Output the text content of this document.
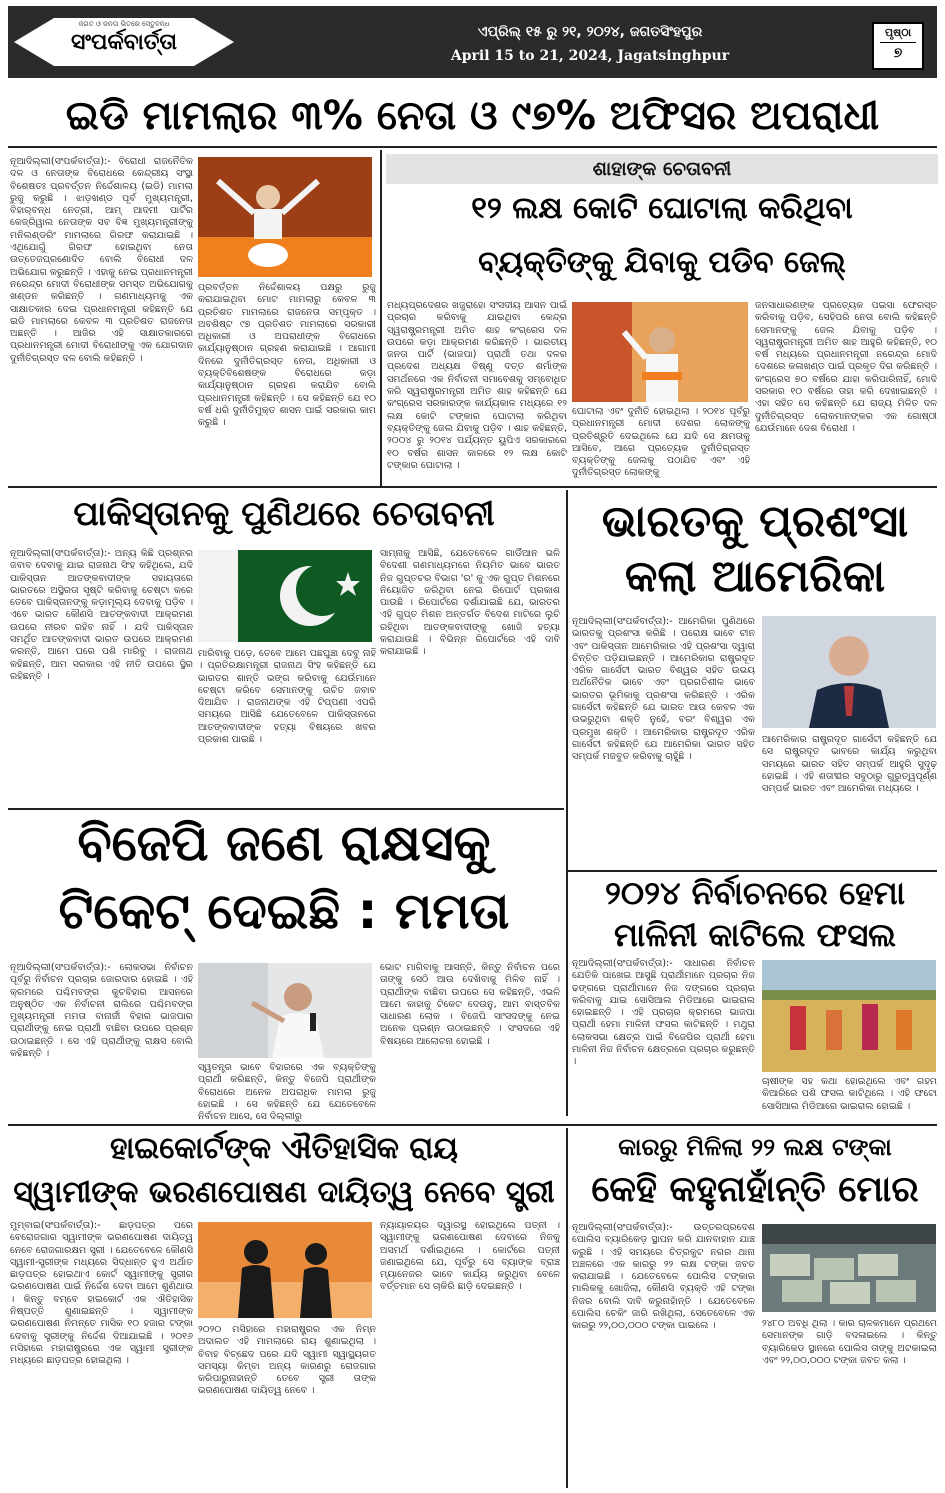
ଜଗତ ଓ ଜନତା ଭିତରେ ସେତୁବନ୍ଧ
ସଂପର୍କବାର୍ତ୍ତା	ଏପ୍ରିଲ୍ ୧୫ ରୁ ୨୧, ୨୦୨୪, ଜଗତସିଂହପୁର
April 15 to 21, 2024, Jagatsinghpur
ପୃଷ୍ଠା
୭
ଇଡି ମାମଲାର ୩% ନେତା ଓ ୯୭% ଅଫିସର ଅପରାଧୀ
ନୂଆଦିଲ୍ଲୀ(ସଂପର୍କବାର୍ତ୍ତା):- ବିରୋଧୀ ରାଜନୈତିକ ଦଳ ଓ ନେତାଙ୍କ ବିରୋଧରେ କେନ୍ଦ୍ରୀୟ ସଂସ୍ଥା ବିଶେଷତଃ ପ୍ରବର୍ତ୍ତନ ନିର୍ଦ୍ଦେଶାଳୟ (ଇଡି) ମାମଲା ରୁଜୁ କରୁଛି । ଝାଡ଼ଖଣ୍ଡ ପୂର୍ବ ମୁଖ୍ୟମନ୍ତ୍ରୀ, ବିହାର୍‌ବନ୍ଧ ନେତ୍ରୀ, ଆମ୍ ଆଦମୀ ପାର୍ଟିର କେଜ୍ରିୱାଲ ନେତାଙ୍କ ସବ ବିଜ୍ଞ ମୁଖ୍ୟମନ୍ତ୍ରୀଙ୍କୁ ମନିଲଣ୍ଡରିଂ ମାମଲାରେ ଗିରଫ କରାଯାଇଛି । ଏଥିଯୋଗୁଁ ଗିରଫ ହୋଇଥିବା ନେତା ଉତ୍ତେଜପ୍ରଣୋଦିତ ବୋଲି ବିରୋଧୀ ଦଳ ଅଭିଯୋଗ କରୁଛନ୍ତି । ଏହାକୁ ନେଇ ପ୍ରଧାନମନ୍ତ୍ରୀ ନରେନ୍ଦ୍ର ମୋଦୀ ବିରୋଧୀଙ୍କ ସମସ୍ତ ଅଭିଯୋଗକୁ ଖଣ୍ଡନ କରିଛନ୍ତି । ଗଣମାଧ୍ୟମକୁ ଏକ ସାକ୍ଷାତକାର ଦେଇ ପ୍ରଧାନମନ୍ତ୍ରୀ କହିଛନ୍ତି ଯେ ଇଡି ମାମଲାରେ କେବଳ ୩ ପ୍ରତିଶତ ରାଜନେତା ଅଛନ୍ତି । ଆଜିର ଏହି ସାକ୍ଷାତକାରରେ ପ୍ରଧାନମନ୍ତ୍ରୀ ମୋଦୀ ବିରୋଧୀଙ୍କୁ ଏକ ଯୋଗଦାନ ଦୁର୍ନୀତିଗ୍ରସ୍ତ ଦଳ ବୋଲି କହିଛନ୍ତି ।
ପ୍ରବର୍ତ୍ତନ ନିର୍ଦ୍ଦେଶାଳୟ ପକ୍ଷରୁ ରୁଜୁ କରାଯାଇଥିବା ମୋଟ ମାମଲାରୁ କେବଳ ୩ ପ୍ରତିଶତ ମାମଲାରେ ରାଜନେତା ସମ୍ପୃକ୍ତ । ଅବଶିଷ୍ଟ ୯୭ ପ୍ରତିଶତ ମାମଲାରେ ସରକାରୀ ଅଧିକାରୀ ଓ ଅପରାଧୀଙ୍କ ବିରୋଧରେ କାର୍ଯ୍ୟାନୁଷ୍ଠାନ ଗ୍ରହଣ କରାଯାଇଛି । ଆଗାମୀ ଦିନରେ ଦୁର୍ନୀତିଗ୍ରସ୍ତ ନେତା, ଅଧିକାରୀ ଓ ବ୍ୟକ୍ତିବିଶେଷଙ୍କ ବିରୋଧରେ କଡ଼ା କାର୍ଯ୍ୟାନୁଷ୍ଠାନ ଗ୍ରହଣ କରାଯିବ ବୋଲି ପ୍ରଧାନମନ୍ତ୍ରୀ କହିଛନ୍ତି । ସେ କହିଛନ୍ତି ଯେ ୧୦ ବର୍ଷ ଧରି ଦୁର୍ନୀତିମୁକ୍ତ ଶାସନ ପାଇଁ ସରକାର କାମ କରୁଛି ।
ଶାହାଙ୍କ ଚେତାବନୀ
୧୨ ଲକ୍ଷ କୋଟି ଘୋଟାଲା କରିଥିବା
ବ୍ୟକ୍ତିଙ୍କୁ ଯିବାକୁ ପଡିବ ଜେଲ୍
ମଧ୍ୟପ୍ରଦେଶର ଖଜୁରାହୋ ସଂସଦୀୟ ଆସନ ପାଇଁ ପ୍ରଚାର କରିବାକୁ ଯାଇଥିବା କେନ୍ଦ୍ର ସ୍ୱରାଷ୍ଟ୍ରମନ୍ତ୍ରୀ ଅମିତ ଶାହ କଂଗ୍ରେସ ଦଳ ଉପରେ କଡ଼ା ଆକ୍ରମଣ କରିଛନ୍ତି । ଭାରତୀୟ ଜନତା ପାର୍ଟି (ଭାଜପା) ପ୍ରାର୍ଥୀ ତଥା ଦଳର ପ୍ରଦେଶ ଅଧ୍ୟକ୍ଷ ବିଷ୍ଣୁ ଦତ୍ତ ଶର୍ମାଙ୍କ ସମର୍ଥନରେ ଏକ ନିର୍ବାଚନୀ ସମାବେଶକୁ ସମ୍ବୋଧିତ କରି ସ୍ୱରାଷ୍ଟ୍ରମନ୍ତ୍ରୀ ଅମିତ ଶାହ କହିଛନ୍ତି ଯେ କଂଗ୍ରେସ ସରକାରଙ୍କ କାର୍ଯ୍ୟକାଳ ମଧ୍ୟରେ ୧୨ ଲକ୍ଷ କୋଟି ଟଙ୍କାର ଘୋଟାଲା କରିଥିବା ବ୍ୟକ୍ତିଙ୍କୁ ଜେଲ ଯିବାକୁ ପଡ଼ିବ । ଶାହ କହିଛନ୍ତି, ୨୦୦୪ ରୁ ୨୦୧୪ ପର୍ଯ୍ୟନ୍ତ ୟୁପିଏ ସରକାରରେ ୧୦ ବର୍ଷର ଶାସନ କାଳରେ ୧୨ ଲକ୍ଷ କୋଟି ଟଙ୍କାର ଘୋଟାଲା ।
ଘୋଟାଲା ଏବଂ ଦୁର୍ନୀତି ହୋଇଥିଲା । ୨୦୧୪ ପୂର୍ବରୁ ପ୍ରଧାନମନ୍ତ୍ରୀ ମୋଦୀ ଦେଶର ଲୋକଙ୍କୁ ପ୍ରତିଶ୍ରୁତି ଦେଇଥିଲେ ଯେ ଯଦି ସେ କ୍ଷମତାକୁ ଆସିବେ, ଆଗେ ପ୍ରତ୍ୟେକ ଦୁର୍ନୀତିଗ୍ରସ୍ତ ବ୍ୟକ୍ତିଙ୍କୁ ଜେଲକୁ ପଠାଯିବ ଏବଂ ଏହି ଦୁର୍ନୀତିଗ୍ରସ୍ତ ଲୋକଙ୍କୁ
ଜନସାଧାରଣଙ୍କ ପ୍ରତ୍ୟେକ ପଇସା ଫେରସ୍ତ କରିବାକୁ ପଡ଼ିବ, ସେହିପରି ନେତା ବୋଲି କହିଛନ୍ତି ସେମାନଙ୍କୁ ଜେଲ ଯିବାକୁ ପଡ଼ିବ । ସ୍ୱରାଷ୍ଟ୍ରମନ୍ତ୍ରୀ ଅମିତ ଶାହ ଆହୁରି କହିଛନ୍ତି, ୧୦ ବର୍ଷ ମଧ୍ୟରେ ପ୍ରଧାନମନ୍ତ୍ରୀ ନରେନ୍ଦ୍ର ମୋଦି ଦେଶରେ କଳାଖଣ୍ଡ ପାଇଁ ପ୍ରକୃତ ଦିଗ କରିଛନ୍ତି । କଂଗ୍ରେସ ୭୦ ବର୍ଷରେ ଯାହା କରିପାରିନାହିଁ, ମୋଦି ସରକାର ୧୦ ବର୍ଷରେ ତାହା କରି ଦେଖାଇଛନ୍ତି । ଏହା ସହିତ ସେ କହିଛନ୍ତି ଯେ ରାଜ୍ୟ ମିଳିତ ଦଳ ଦୁର୍ନୀତିଗ୍ରସ୍ତ ଲୋକମାନଙ୍କର ଏକ ଗୋଷ୍ଠୀ ଯେଉଁମାନେ ଦେଶ ବିରୋଧୀ ।
ପାକିସ୍ତାନକୁ ପୁଣିଥରେ ଚେତାବନୀ
ନୂଆଦିଲ୍ଲୀ(ସଂପର୍କବାର୍ତ୍ତା):- ଅନ୍ୟ କିଛି ପ୍ରଶ୍ନର ଜବାବ ଦେବାକୁ ଯାଇ ରାଜନାଥ ସିଂହ କହିଥିଲେ, ଯଦି ପାକିସ୍ତାନ ଆତଙ୍କବାଦୀଙ୍କ ସହାୟତାରେ ଭାରତରେ ଅସ୍ଥିରତା ସୃଷ୍ଟି କରିବାକୁ ଚେଷ୍ଟା କରେ ତେବେ ପାକିସ୍ତାନଙ୍କୁ କଡ଼ାମୂଲ୍ୟ ଦେବାକୁ ପଡ଼ିବ । ଏବେ ଭାରତ କୌଣସି ଆତଙ୍କବାଦୀ ଆକ୍ରମଣ ଉପରେ ନୀରବ ରହିବ ନାହିଁ । ଯଦି ପାକିସ୍ତାନ ସମର୍ଥିତ ଆତଙ୍କବାଦୀ ଭାରତ ଉପରେ ଆକ୍ରମଣ କରନ୍ତି, ଆମେ ଘରେ ପଶି ମାରିବୁ । ରାଜନାଥ କହିଛନ୍ତି, ଆମ ସରକାର ଏହି ନୀତି ଉପରେ ସ୍ଥିର ରହିଛନ୍ତି ।
ମାରିବାକୁ ପଡ଼େ, ତେବେ ଆମେ ପଛଘୁଞ୍ଚା ଦେବୁ ନାହିଁ । ପ୍ରତିରକ୍ଷାମନ୍ତ୍ରୀ ରାଜନାଥ ସିଂହ କହିଛନ୍ତି ଯେ ଭାରତର ଶାନ୍ତି ଭଙ୍ଗ କରିବାକୁ ଯେଉଁମାନେ ଚେଷ୍ଟା କରିବେ ସେମାନଙ୍କୁ ଉଚିତ ଜବାବ ଦିଆଯିବ । ରାଜନାଥଙ୍କ ଏହି ଟିପ୍ପଣୀ ଏପରି ସମୟରେ ଆସିଛି ଯେତେବେଳେ ପାକିସ୍ତାନରେ ଆତଙ୍କବାଦୀଙ୍କ ହତ୍ୟା ବିଷୟରେ ଖବର ପ୍ରକାଶ ପାଇଛି ।
ସାମ୍ନାକୁ ଆସିଛି, ଯେତେବେଳେ ଗାର୍ଡିଆନ ଭଳି ବିଦେଶୀ ଗଣମାଧ୍ୟମରେ ନିୟମିତ ଭାବେ ଭାରତ ନିଜ ଗୁପ୍ତଚର ବିଭାଗ 'ର' କୁ ଏକ ଗୁପ୍ତ ମିଶନରେ ନିୟୋଜିତ କରିଥିବା ନେଇ ରିପୋର୍ଟ ପ୍ରକାଶ ପାଉଛି । ରିପୋର୍ଟରେ ଦର୍ଶାଯାଇଛି ଯେ, ଭାରତର ଏହି ଗୁପ୍ତ ମିଶନ ଅନ୍ତର୍ଗତ ବିଦେଶ ମାଟିରେ ଲୁଚି ରହିଥିବା ଆତଙ୍କବାଦୀଙ୍କୁ ଖୋଜି ହତ୍ୟା କରାଯାଉଛି । ବିଭିନ୍ନ ରିପୋର୍ଟରେ ଏହି ଦାବି କରାଯାଇଛି ।
ଭାରତକୁ ପ୍ରଶଂସା କଲା ଆମେରିକା
ନୂଆଦିଲ୍ଲୀ(ସଂପର୍କବାର୍ତ୍ତା):- ଆମେରିକା ପୁଣିଥରେ ଭାରତକୁ ପ୍ରଶଂସା କରିଛି । ପରୋକ୍ଷ ଭାବେ ଚୀନ ଏବଂ ପାକିସ୍ତାନ ଆମେରିକାର ଏହି ପ୍ରଶଂସା ଦ୍ୱାରା ଚିନ୍ତିତ ପଡ଼ିଯାଇଛନ୍ତି । ଆମେରିକାର ରାଷ୍ଟ୍ରଦୂତ ଏରିକ ଗାର୍ସେଟୀ ଭାରତ ବିଶ୍ୱର ସହିତ ଉଭୟ ଅର୍ଥନୈତିକ ଭାବେ ଏବଂ ପ୍ରଗତିଶୀଳ ଭାବେ ଭାରତର ଭୂମିକାକୁ ପ୍ରଶଂସା କରିଛନ୍ତି । ଏରିକ ଗାର୍ସେଟୀ କହିଛନ୍ତି ଯେ ଭାରତ ଆଉ କେବଳ ଏକ ଉଭରୁଥିବା ଶକ୍ତି ନୁହେଁ, ବରଂ ବିଶ୍ୱର ଏକ ପ୍ରମୁଖ ଶକ୍ତି । ଆମେରିକାର ରାଷ୍ଟ୍ରଦୂତ ଏରିକ ଗାର୍ସେଟୀ କହିଛନ୍ତି ଯେ ଆମେରିକା ଭାରତ ସହିତ ସମ୍ପର୍କ ମଜବୁତ କରିବାକୁ ଚାହୁଁଛି ।
ଆମେରିକାର ରାଷ୍ଟ୍ରଦୂତ ଗାର୍ସେଟୀ କହିଛନ୍ତି ଯେ ସେ ରାଷ୍ଟ୍ରଦୂତ ଭାବରେ କାର୍ଯ୍ୟ କରୁଥିବା ସମୟରେ ଭାରତ ସହିତ ସମ୍ପର୍କ ଆହୁରି ସୁଦୃଢ଼ ହୋଇଛି । ଏହି ଶତାବ୍ଦୀର ସବୁଠାରୁ ଗୁରୁତ୍ୱପୂର୍ଣ୍ଣ ସମ୍ପର୍କ ଭାରତ ଏବଂ ଆମେରିକା ମଧ୍ୟରେ ।
ବିଜେପି ଜଣେ ରାକ୍ଷସକୁ
ଟିକେଟ୍ ଦେଇଛି : ମମତା
ନୂଆଦିଲ୍ଲୀ(ସଂପର୍କବାର୍ତ୍ତା):- ଲୋକସଭା ନିର୍ବାଚନ ପୂର୍ବରୁ ନିର୍ବାଚନ ପ୍ରଚାର ଜୋରଦାର ହୋଇଛି । ଏହି କ୍ରମରେ ପଶ୍ଚିମବଙ୍ଗ କୁଚବିହାର ଆସନରେ ଅନୁଷ୍ଠିତ ଏକ ନିର୍ବାଚନୀ ରାଲିରେ ପଶ୍ଚିମବଙ୍ଗ ମୁଖ୍ୟମନ୍ତ୍ରୀ ମମତା ବାନାର୍ଜୀ ବିହାର ଭାଜପାର ପ୍ରାର୍ଥୀଙ୍କୁ ନେଇ ପ୍ରାର୍ଥୀ ବାଛିବା ଉପରେ ପ୍ରଶ୍ନ ଉଠାଇଛନ୍ତି । ସେ ଏହି ପ୍ରାର୍ଥୀଙ୍କୁ ରାକ୍ଷସ ବୋଲି କହିଛନ୍ତି ।
ସ୍ୱତନ୍ତ୍ର ଭାବେ ବିହାରରେ ଏକ ବ୍ୟକ୍ତିଙ୍କୁ ପ୍ରାର୍ଥୀ କରିଛନ୍ତି, କିନ୍ତୁ ବିଜେପି ପ୍ରାର୍ଥୀଙ୍କ ବିରୋଧରେ ଅନେକ ଅପରାଧିକ ମାମଲା ରୁଜୁ ହୋଇଛି । ସେ କହିଛନ୍ତି ଯେ ଯେତେବେଳେ ନିର୍ବାଚନ ଆସେ, ସେ ଦିଲ୍ଲୀରୁ
ଭୋଟ ମାଗିବାକୁ ଆସନ୍ତି, କିନ୍ତୁ ନିର୍ବାଚନ ପରେ ତାଙ୍କୁ ସେଠି ଆଉ ଦେଖିବାକୁ ମିଳିବ ନାହିଁ । ପ୍ରାର୍ଥୀଙ୍କ ବାଛିବା ଉପରେ ସେ କହିଛନ୍ତି, ଏଭଳି ଆମେ କାହାକୁ ଟିକେଟ ଦେଉନୁ, ଆମ ବାସ୍ତବିକ ସାଧାରଣ ଲୋକ । ବିଜେପି ସାଂସଦଙ୍କୁ ନେଇ ଅନେକ ପ୍ରଶ୍ନ ଉଠାଇଛନ୍ତି । ସଂସଦରେ ଏହି ବିଷୟରେ ଆଲୋଚନା ହୋଇଛି ।
୨୦୨୪ ନିର୍ବାଚନରେ ହେମା
ମାଳିନୀ କାଟିଲେ ଫସଲ
ନୂଆଦିଲ୍ଲୀ(ସଂପର୍କବାର୍ତ୍ତା):- ସାଧାରଣ ନିର୍ବାଚନ ଯେତିକି ପାଖେଇ ଆସୁଛି ପ୍ରାର୍ଥୀମାନେ ପ୍ରଚାର ନିଜ ଢଙ୍ଗରେ ପ୍ରାର୍ଥୀମାନେ ନିଜ ଦଙ୍ଗରେ ପ୍ରଚାର କରିବାକୁ ଯାଇ ସୋସିଆଲ ମିଡିଆରେ ଭାଇରାଲ ହୋଇଛନ୍ତି । ଏହି ପ୍ରଚାର କ୍ରମରେ ଭାଜପା ପ୍ରାର୍ଥୀ ହେମା ମାଳିନୀ ଫସଲ କାଟିଛନ୍ତି । ମଥୁରା ଲୋକସଭା କ୍ଷେତ୍ର ପାଇଁ ବିଜେପିର ପ୍ରାର୍ଥୀ ହେମା ମାଳିନୀ ନିଜ ନିର୍ବାଚନ କ୍ଷେତ୍ରରେ ପ୍ରଚାର କରୁଛନ୍ତି ।
ଚାଷୀଙ୍କ ସହ କଥା ହୋଇଥିଲେ ଏବଂ ଗହମ କିଆରିରେ ପଶି ଫସଲ କାଟିଥିଲେ । ଏହି ଫଟୋ ସୋସିଆଲ ମିଡିଆରେ ଭାଇରାଲ ହୋଇଛି ।
ହାଇକୋର୍ଟଙ୍କ ଐତିହାସିକ ରାୟ
ସ୍ୱାମୀଙ୍କ ଭରଣପୋଷଣ ଦାୟିତ୍ୱ ନେବେ ସ୍ତ୍ରୀ
ମୁମ୍ବାଇ(ସଂପର୍କବାର୍ତ୍ତା):- ଛାଡ଼ପତ୍ର ପରେ ବେରୋଜଗାର ସ୍ୱାମୀଙ୍କ ଭରଣପୋଷଣ ଦାୟିତ୍ୱ ନେବେ ରୋଜଗାରକ୍ଷମ ସ୍ତ୍ରୀ । ଯେତେବେଳେ କୌଣସି ସ୍ୱାମୀ-ସ୍ତ୍ରୀଙ୍କ ମଧ୍ୟରେ ସିଦ୍ଧାନ୍ତ ହୁଏ ଅର୍ଥାତ ଛାଡ଼ପତ୍ର ହୋଇଥାଏ କୋର୍ଟ ସ୍ୱାମୀଙ୍କୁ ସ୍ତ୍ରୀର ଭରଣପୋଷଣ ପାଇଁ ନିର୍ଦ୍ଦେଶ ଦେବା ଆମେ ଶୁଣିଥାଉ । କିନ୍ତୁ ବମ୍ବେ ହାଇକୋର୍ଟ ଏକ ଐତିହାସିକ ନିଷ୍ପତ୍ତି ଶୁଣାଇଛନ୍ତି । ସ୍ୱାମୀଙ୍କ ଭରଣପୋଷଣ ନିମନ୍ତେ ମାସିକ ୧୦ ହଜାର ଟଙ୍କା ଦେବାକୁ ସ୍ତ୍ରୀଙ୍କୁ ନିର୍ଦ୍ଦେଶ ଦିଆଯାଇଛି । ୨୦୧୬ ମସିହାରେ ମହାରାଷ୍ଟ୍ରରେ ଏକ ସ୍ୱାମୀ ସ୍ତ୍ରୀଙ୍କ ମଧ୍ୟରେ ଛାଡ଼ପତ୍ର ହୋଇଥିଲା ।
୨୦୨୦ ମସିହାରେ ମହାରାଷ୍ଟ୍ରର ଏକ ନିମ୍ନ ଅଦାଲତ ଏହି ମାମଲାରେ ରାୟ ଶୁଣାଇଥିଲା । ବିବାହ ବିଚ୍ଛେଦ ପରେ ଯଦି ସ୍ୱାମୀ ସ୍ୱାସ୍ଥ୍ୟଗତ ସମସ୍ୟା କିମ୍ବା ଅନ୍ୟ କାରଣରୁ ରୋଜଗାର କରିପାରୁନାହାନ୍ତି ତେବେ ସ୍ତ୍ରୀ ତାଙ୍କ ଭରଣପୋଷଣ ଦାୟିତ୍ୱ ନେବେ ।
ନ୍ୟାୟାଳୟର ଦ୍ୱାରସ୍ଥ ହୋଇଥିଲେ ପତ୍ନୀ । ସ୍ୱାମୀଙ୍କୁ ଭରଣପୋଷଣ ଦେବାରେ ନିଜକୁ ଅସମର୍ଥ ଦର୍ଶାଇଥିଲେ । କୋର୍ଟରେ ପତ୍ନୀ ଜଣାଇଥିଲେ ଯେ, ପୂର୍ବରୁ ସେ ବ୍ୟାଙ୍କ ବ୍ରାଞ୍ଚ ମ୍ୟାନେଜର ଭାବେ କାର୍ଯ୍ୟ କରୁଥିବା ବେଳେ ବର୍ତ୍ତମାନ ସେ ଚାକିରି ଛାଡ଼ି ଦେଇଛନ୍ତି ।
କାରରୁ ମିଳିଲା ୨୨ ଲକ୍ଷ ଟଙ୍କା
କେହି କହୁନାହାଁନ୍ତି ମୋର
ନୂଆଦିଲ୍ଲୀ(ସଂପର୍କବାର୍ତ୍ତା):- ଉତ୍ତରପ୍ରଦେଶ ପୋଲିସ ବ୍ୟାରିକେଡ଼ ସ୍ଥାପନ କରି ଯାନବାହାନ ଯାଞ୍ଚ କରୁଛି । ଏହି ସମୟରେ ଚିତ୍ରକୁଟ ନଗର ଥାନା ଅଞ୍ଚଳରେ ଏକ କାରରୁ ୨୨ ଲକ୍ଷ ଟଙ୍କା ଜବତ କରାଯାଇଛି । ଯେତେବେଳେ ପୋଲିସ ଟଙ୍କାର ମାଲିକକୁ ଖୋଜିଲା, କୌଣସି ବ୍ୟକ୍ତି ଏହି ଟଙ୍କା ନିଜର ବୋଲି ଦାବି କରୁନାହାଁନ୍ତି । ଯେତେବେଳେ ପୋଲିସ ଚେକିଂ ଜାରି ରଖିଥିଲା, ସେତେବେଳେ ଏକ କାରରୁ ୨୨,୦୦,୦୦୦ ଟଙ୍କା ପାଇଲେ ।	୨୪୮୦ ଅବଧି ଥିଲା । କାର ଚାଳକମାନେ ପ୍ରଥମେ ସେମାନଙ୍କ ଗାଡ଼ି ବଦଳାଇଲେ । କିନ୍ତୁ ବ୍ୟାରିକେଡ ସ୍ଥାନରେ ପୋଲିସ ତାଙ୍କୁ ଅଟକାଇଲା ଏବଂ ୨୨,୦୦,୦୦୦ ଟଙ୍କା ଜବତ କଲା ।
